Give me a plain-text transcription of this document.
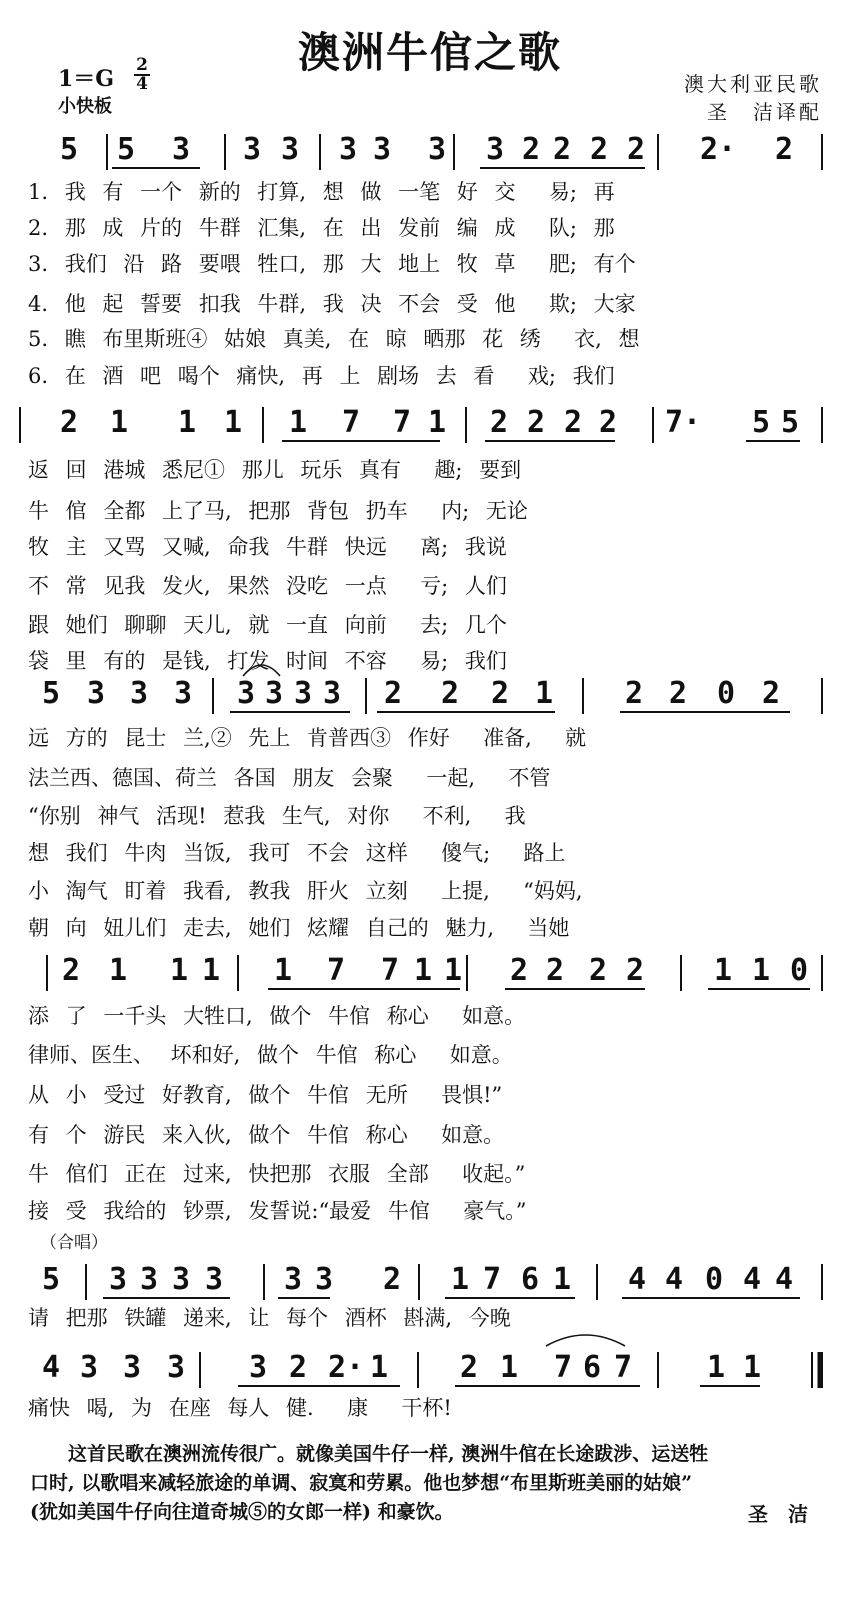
澳洲牛倌之歌
1＝G
2
4
小快板
澳大利亚民歌
圣　洁译配
（合唱）
5 5 3 3 3 3 3 3 3 2 2 2 2 2· 2
1. 我 有 一个 新的 打算, 想 做 一笔 好 交  易; 再
2. 那 成 片的 牛群 汇集, 在 出 发前 编 成  队; 那
3. 我们 沿 路 要喂 牲口, 那 大 地上 牧 草  肥; 有个
4. 他 起 誓要 扣我 牛群, 我 决 不会 受 他  欺; 大家
5. 瞧 布里斯班④ 姑娘 真美, 在 晾 晒那 花 绣  衣, 想
6. 在 酒 吧 喝个 痛快, 再 上 剧场 去 看  戏; 我们
2 1 1 1 1 7 7 1 2 2 2 2 7· 5 5
返 回 港城 悉尼① 那儿 玩乐 真有  趣; 要到
牛 倌 全都 上了马, 把那 背包 扔车  内; 无论
牧 主 又骂 又喊, 命我 牛群 快远  离; 我说
不 常 见我 发火, 果然 没吃 一点  亏; 人们
跟 她们 聊聊 天儿, 就 一直 向前  去; 几个
袋 里 有的 是钱, 打发 时间 不容  易; 我们
5 3 3 3 3 3 3 3 2 2 2 1 2 2 0 2
远 方的 昆士 兰,② 先上 肯普西③ 作好  准备,  就
法兰西、德国、荷兰 各国 朋友 会聚  一起,  不管
“你别 神气 活现! 惹我 生气, 对你  不利,  我
想 我们 牛肉 当饭, 我可 不会 这样  傻气;  路上
小 淘气 盯着 我看, 教我 肝火 立刻  上提,  “妈妈,
朝 向 妞儿们 走去, 她们 炫耀 自己的 魅力,  当她
2 1 1 1 1 7 7 1 1 2 2 2 2 1 1 0
添 了 一千头 大牲口, 做个 牛倌 称心  如意。
律师、医生、 坏和好, 做个 牛倌 称心  如意。
从 小 受过 好教育, 做个 牛倌 无所  畏惧!”
有 个 游民 来入伙, 做个 牛倌 称心  如意。
牛 倌们 正在 过来, 快把那 衣服 全部  收起。”
接 受 我给的 钞票, 发誓说:“最爱 牛倌  豪气。”
5 3 3 3 3 3 3 2 1 7 6 1 4 4 0 4 4
请 把那 铁罐 递来, 让 每个 酒杯 斟满, 今晚
4 3 3 3 3 2 2· 1 2 1 7 6 7 1 1
痛快 喝, 为 在座 每人 健.  康  干杯!
　　这首民歌在澳洲流传很广。就像美国牛仔一样, 澳洲牛倌在长途跋涉、运送牲
口时, 以歌唱来减轻旅途的单调、寂寞和劳累。他也梦想“布里斯班美丽的姑娘”
(犹如美国牛仔向往道奇城⑤的女郎一样) 和豪饮。	圣　洁
